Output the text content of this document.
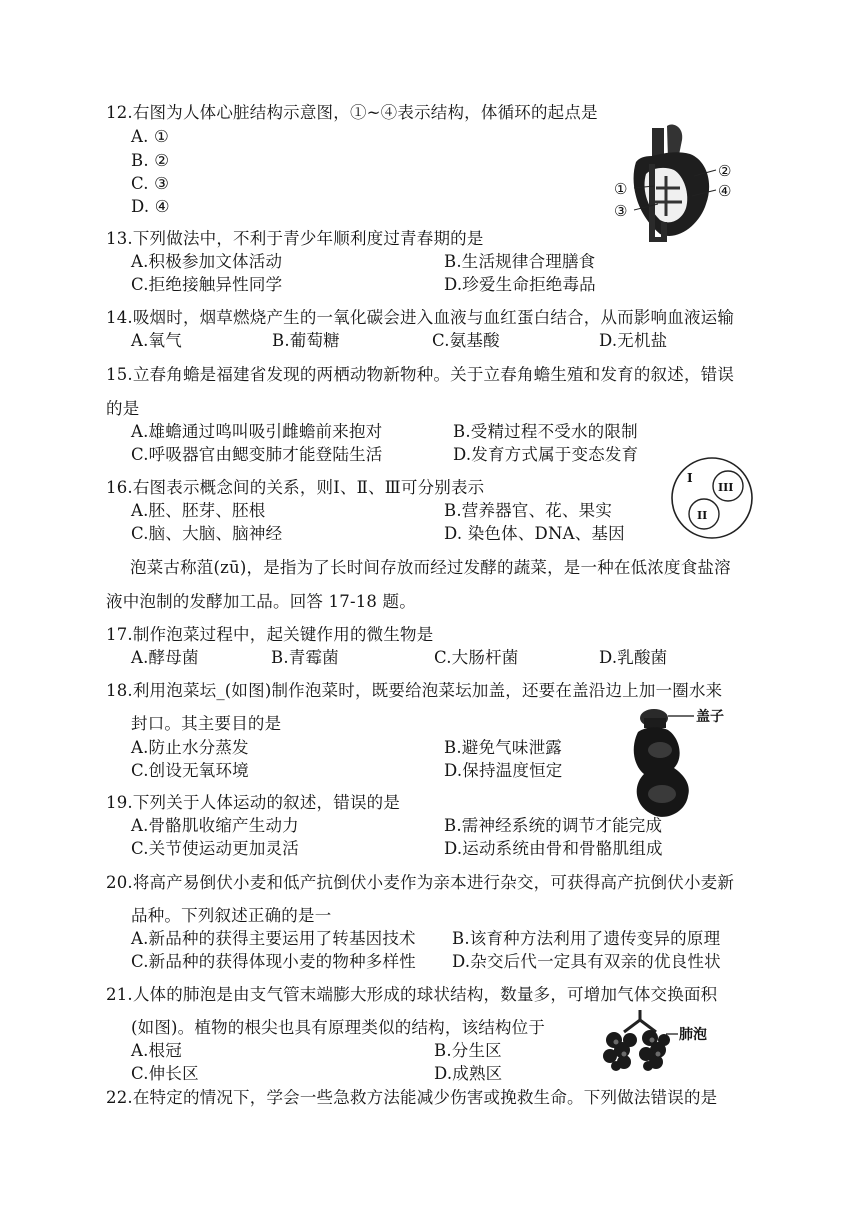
12.右图为人体心脏结构示意图，①~④表示结构，体循环的起点是
A. ①
B. ②
C. ③
D. ④
①
②
③
④
13.下列做法中，不利于青少年顺利度过青春期的是
A.积极参加文体活动	B.生活规律合理膳食
C.拒绝接触异性同学	D.珍爱生命拒绝毒品
14.吸烟时，烟草燃烧产生的一氧化碳会进入血液与血红蛋白结合，从而影响血液运输
A.氧气	B.葡萄糖	C.氨基酸	D.无机盐
15.立春角蟾是福建省发现的两栖动物新物种。关于立春角蟾生殖和发育的叙述，错误
的是
A.雄蟾通过鸣叫吸引雌蟾前来抱对	B.受精过程不受水的限制
C.呼吸器官由鳃变肺才能登陆生活	D.发育方式属于变态发育
16.右图表示概念间的关系，则Ⅰ、Ⅱ、Ⅲ可分别表示
A.胚、胚芽、胚根	B.营养器官、花、果实
C.脑、大脑、脑神经	D. 染色体、DNA、基因
I
II
III
泡菜古称菹(zū)，是指为了长时间存放而经过发酵的蔬菜，是一种在低浓度食盐溶
液中泡制的发酵加工品。回答 17-18 题。
17.制作泡菜过程中，起关键作用的微生物是
A.酵母菌	B.青霉菌	C.大肠杆菌	D.乳酸菌
18.利用泡菜坛_(如图)制作泡菜时，既要给泡菜坛加盖，还要在盖沿边上加一圈水来
封口。其主要目的是
A.防止水分蒸发	B.避免气味泄露
C.创设无氧环境	D.保持温度恒定
盖子
19.下列关于人体运动的叙述，错误的是
A.骨骼肌收缩产生动力	B.需神经系统的调节才能完成
C.关节使运动更加灵活	D.运动系统由骨和骨骼肌组成
20.将高产易倒伏小麦和低产抗倒伏小麦作为亲本进行杂交，可获得高产抗倒伏小麦新
品种。下列叙述正确的是一
A.新品种的获得主要运用了转基因技术 B.该育种方法利用了遗传变异的原理
C.新品种的获得体现小麦的物种多样性 D.杂交后代一定具有双亲的优良性状
21.人体的肺泡是由支气管末端膨大形成的球状结构，数量多，可增加气体交换面积
(如图)。植物的根尖也具有原理类似的结构，该结构位于
A.根冠	B.分生区
C.伸长区	D.成熟区
肺泡
22.在特定的情况下，学会一些急救方法能减少伤害或挽救生命。下列做法错误的是
